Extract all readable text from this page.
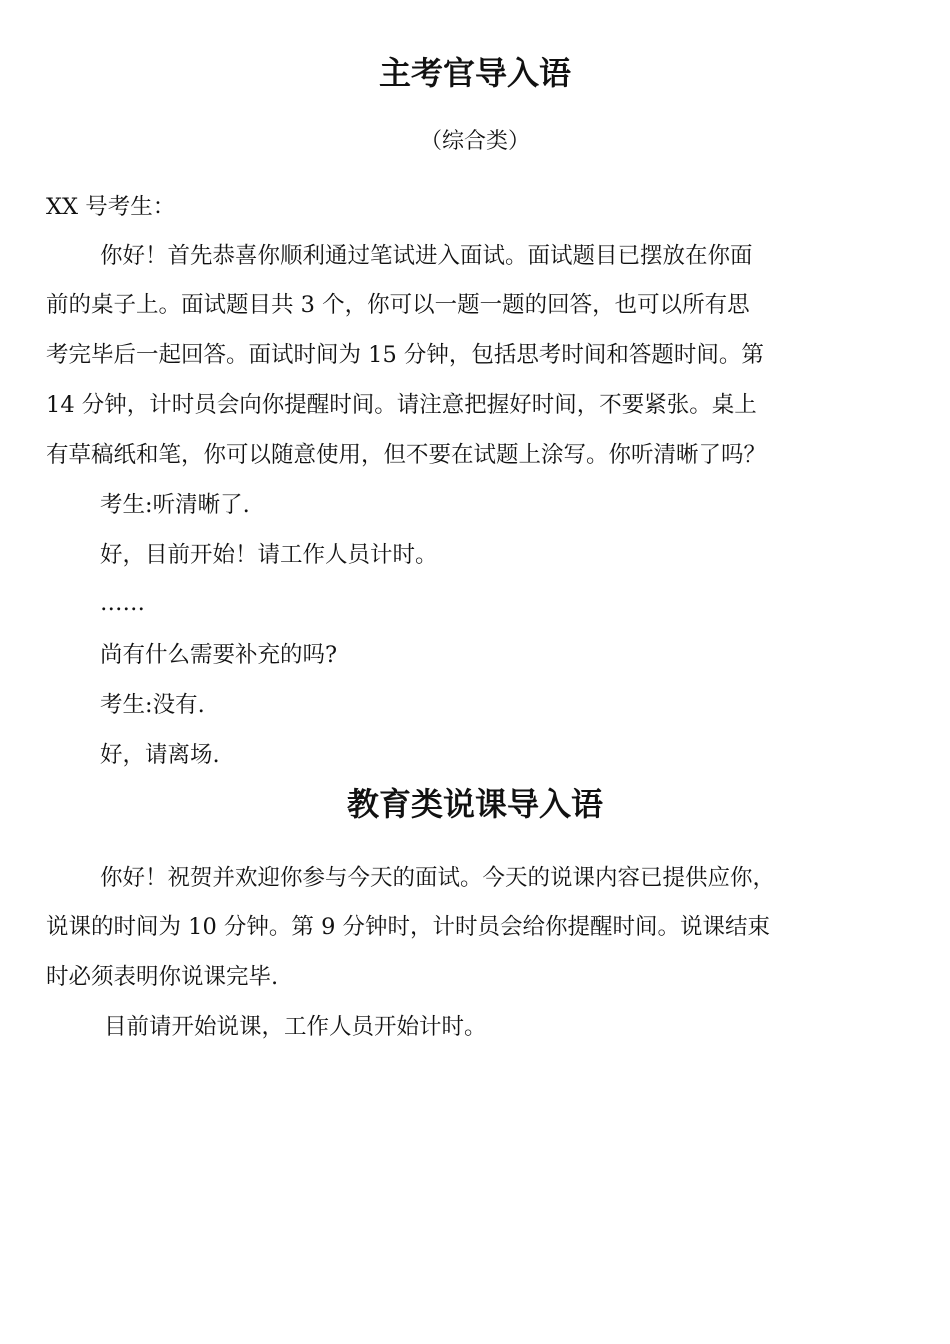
主考官导入语

（综合类）

XX 号考生：

你好！首先恭喜你顺利通过笔试进入面试。面试题目已摆放在你面

前的桌子上。面试题目共 3 个，你可以一题一题的回答，也可以所有思

考完毕后一起回答。面试时间为 15 分钟，包括思考时间和答题时间。第

14 分钟，计时员会向你提醒时间。请注意把握好时间，不要紧张。桌上

有草稿纸和笔，你可以随意使用，但不要在试题上涂写。你听清晰了吗？

考生:听清晰了.

好，目前开始！请工作人员计时。

……

尚有什么需要补充的吗?

考生:没有.

好，请离场.

教育类说课导入语

你好！祝贺并欢迎你参与今天的面试。今天的说课内容已提供应你，

说课的时间为 10 分钟。第 9 分钟时，计时员会给你提醒时间。说课结束

时必须表明你说课完毕.

目前请开始说课，工作人员开始计时。
